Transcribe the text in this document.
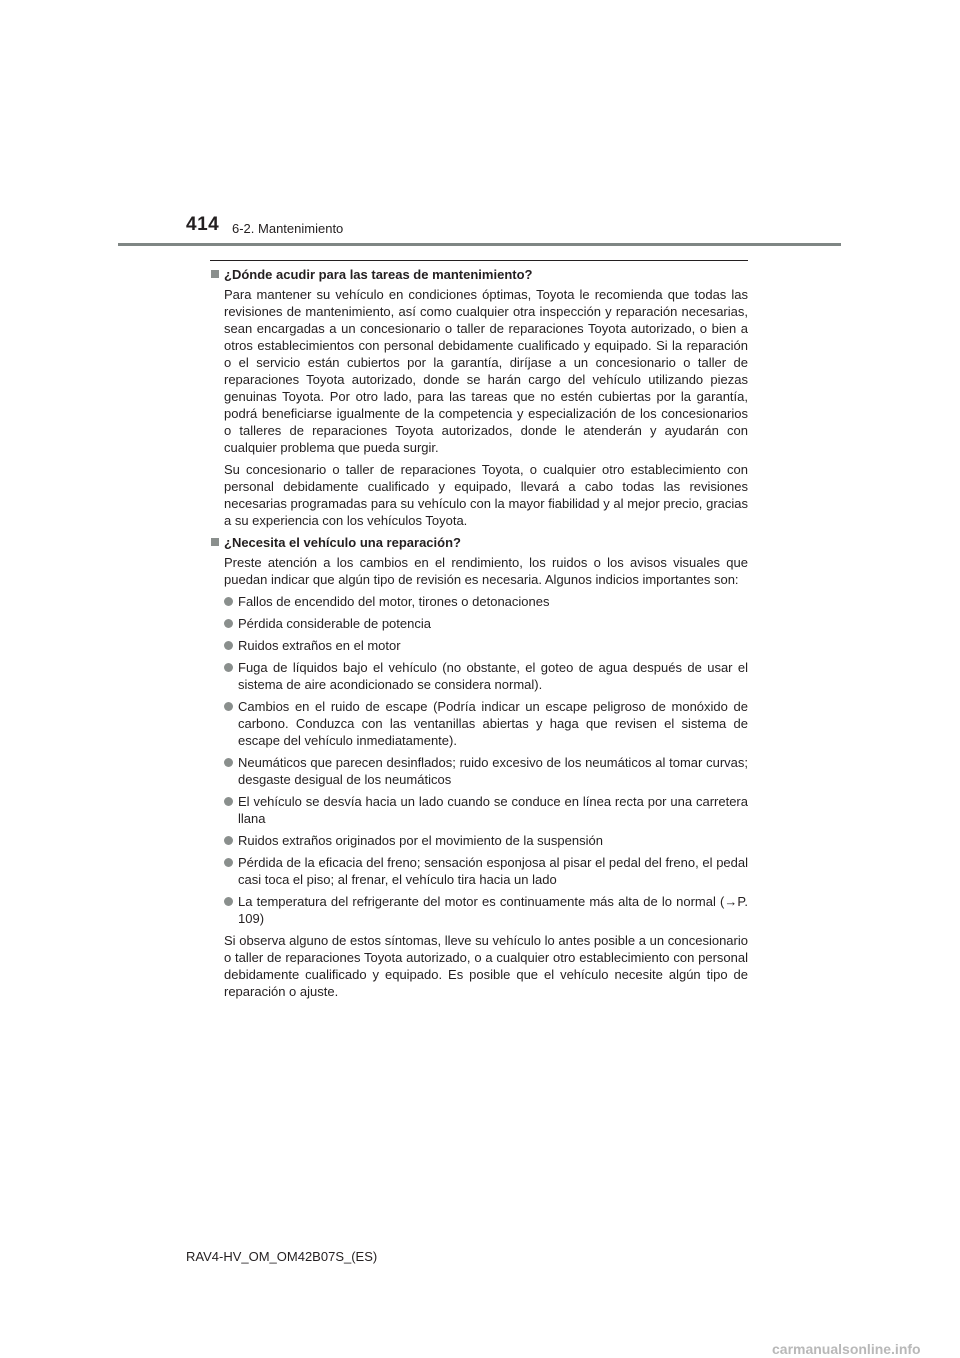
414 6-2. Mantenimiento
¿Dónde acudir para las tareas de mantenimiento?

Para mantener su vehículo en condiciones óptimas, Toyota le recomienda que todas las revisiones de mantenimiento, así como cualquier otra inspección y reparación necesarias, sean encargadas a un concesionario o taller de reparaciones Toyota autorizado, o bien a otros establecimientos con personal debidamente cualificado y equipado. Si la reparación o el servicio están cubiertos por la garantía, diríjase a un concesionario o taller de reparaciones Toyota autorizado, donde se harán cargo del vehículo utilizando piezas genuinas Toyota. Por otro lado, para las tareas que no estén cubiertas por la garantía, podrá beneficiarse igualmente de la competencia y especialización de los concesionarios o talleres de reparaciones Toyota autorizados, donde le atenderán y ayudarán con cualquier problema que pueda surgir.

Su concesionario o taller de reparaciones Toyota, o cualquier otro establecimiento con personal debidamente cualificado y equipado, llevará a cabo todas las revisiones necesarias programadas para su vehículo con la mayor fiabilidad y al mejor precio, gracias a su experiencia con los vehículos Toyota.

¿Necesita el vehículo una reparación?

Preste atención a los cambios en el rendimiento, los ruidos o los avisos visuales que puedan indicar que algún tipo de revisión es necesaria. Algunos indicios importantes son:

Fallos de encendido del motor, tirones o detonaciones
Pérdida considerable de potencia
Ruidos extraños en el motor
Fuga de líquidos bajo el vehículo (no obstante, el goteo de agua después de usar el sistema de aire acondicionado se considera normal).
Cambios en el ruido de escape (Podría indicar un escape peligroso de monóxido de carbono. Conduzca con las ventanillas abiertas y haga que revisen el sistema de escape del vehículo inmediatamente).
Neumáticos que parecen desinflados; ruido excesivo de los neumáticos al tomar curvas; desgaste desigual de los neumáticos
El vehículo se desvía hacia un lado cuando se conduce en línea recta por una carretera llana
Ruidos extraños originados por el movimiento de la suspensión
Pérdida de la eficacia del freno; sensación esponjosa al pisar el pedal del freno, el pedal casi toca el piso; al frenar, el vehículo tira hacia un lado
La temperatura del refrigerante del motor es continuamente más alta de lo normal (→P. 109)

Si observa alguno de estos síntomas, lleve su vehículo lo antes posible a un concesionario o taller de reparaciones Toyota autorizado, o a cualquier otro establecimiento con personal debidamente cualificado y equipado. Es posible que el vehículo necesite algún tipo de reparación o ajuste.

RAV4-HV_OM_OM42B07S_(ES)
carmanualsonline.info
